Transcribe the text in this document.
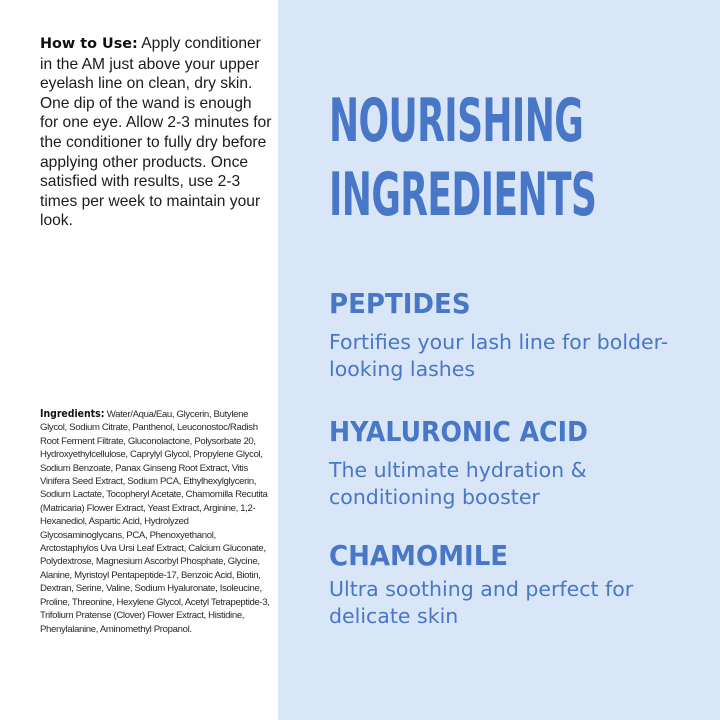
How to Use: Apply conditioner in the AM just above your upper eyelash line on clean, dry skin. One dip of the wand is enough for one eye. Allow 2-3 minutes for the conditioner to fully dry before applying other products. Once satisfied with results, use 2-3 times per week to maintain your look.

Ingredients: Water/Aqua/Eau, Glycerin, Butylene Glycol, Sodium Citrate, Panthenol, Leuconostoc/Radish Root Ferment Filtrate, Gluconolactone, Polysorbate 20, Hydroxyethylcellulose, Caprylyl Glycol, Propylene Glycol, Sodium Benzoate, Panax Ginseng Root Extract, Vitis Vinifera Seed Extract, Sodium PCA, Ethylhexylglycerin, Sodium Lactate, Tocopheryl Acetate, Chamomilla Recutita (Matricaria) Flower Extract, Yeast Extract, Arginine, 1,2-Hexanediol, Aspartic Acid, Hydrolyzed Glycosaminoglycans, PCA, Phenoxyethanol, Arctostaphylos Uva Ursi Leaf Extract, Calcium Gluconate, Polydextrose, Magnesium Ascorbyl Phosphate, Glycine, Alanine, Myristoyl Pentapeptide-17, Benzoic Acid, Biotin, Dextran, Serine, Valine, Sodium Hyaluronate, Isoleucine, Proline, Threonine, Hexylene Glycol, Acetyl Tetrapeptide-3, Trifolium Pratense (Clover) Flower Extract, Histidine, Phenylalanine, Aminomethyl Propanol.

NOURISHING
INGREDIENTS
PEPTIDES

Fortifies your lash line for bolder-looking lashes

HYALURONIC ACID

The ultimate hydration & conditioning booster

CHAMOMILE

Ultra soothing and perfect for delicate skin
